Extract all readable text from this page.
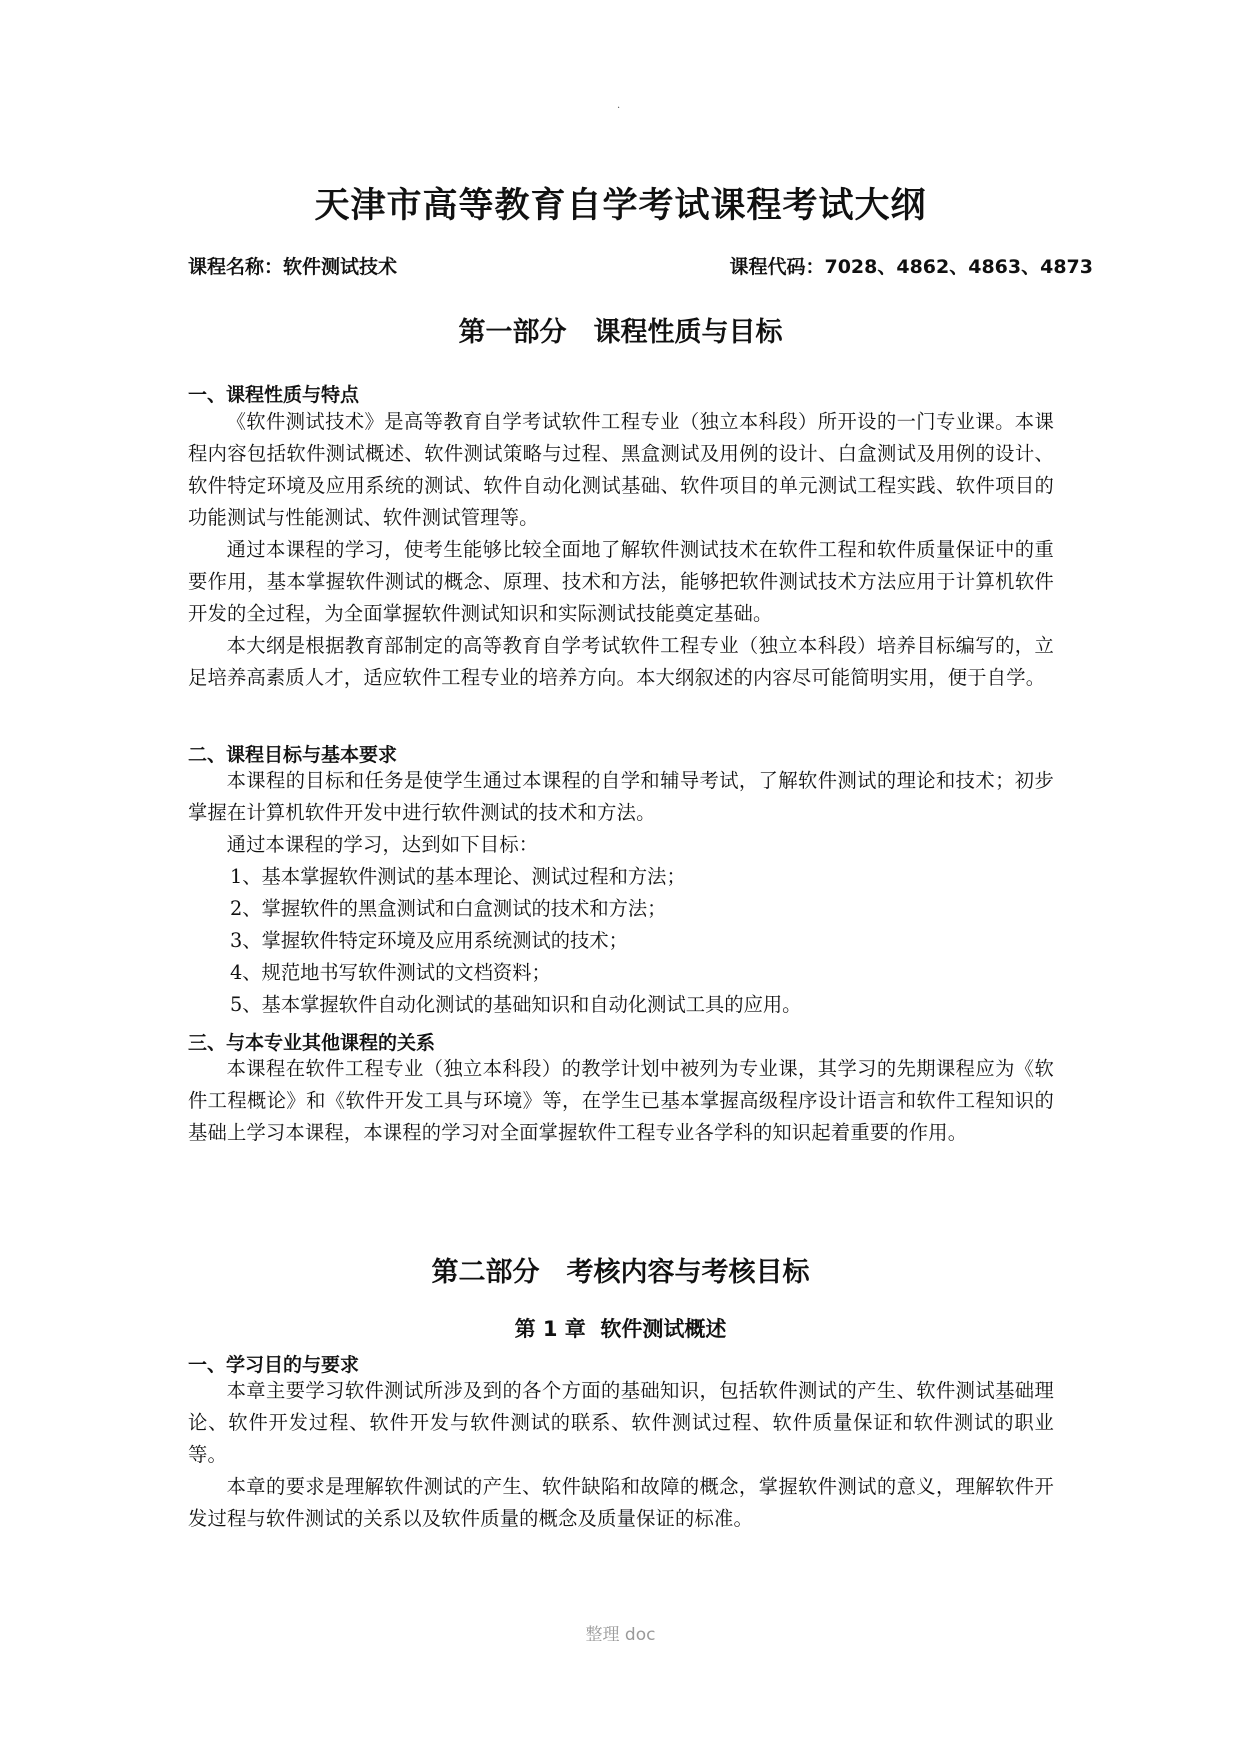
.
天津市高等教育自学考试课程考试大纲
课程名称：软件测试技术	课程代码：7028、4862、4863、4873
第一部分　课程性质与目标
一、课程性质与特点
《软件测试技术》是高等教育自学考试软件工程专业（独立本科段）所开设的一门专业课。本课程内容包括软件测试概述、软件测试策略与过程、黑盒测试及用例的设计、白盒测试及用例的设计、软件特定环境及应用系统的测试、软件自动化测试基础、软件项目的单元测试工程实践、软件项目的功能测试与性能测试、软件测试管理等。
通过本课程的学习，使考生能够比较全面地了解软件测试技术在软件工程和软件质量保证中的重要作用，基本掌握软件测试的概念、原理、技术和方法，能够把软件测试技术方法应用于计算机软件开发的全过程，为全面掌握软件测试知识和实际测试技能奠定基础。
本大纲是根据教育部制定的高等教育自学考试软件工程专业（独立本科段）培养目标编写的，立足培养高素质人才，适应软件工程专业的培养方向。本大纲叙述的内容尽可能简明实用，便于自学。
二、课程目标与基本要求
本课程的目标和任务是使学生通过本课程的自学和辅导考试，了解软件测试的理论和技术；初步掌握在计算机软件开发中进行软件测试的技术和方法。
通过本课程的学习，达到如下目标：
1、基本掌握软件测试的基本理论、测试过程和方法；
2、掌握软件的黑盒测试和白盒测试的技术和方法；
3、掌握软件特定环境及应用系统测试的技术；
4、规范地书写软件测试的文档资料；
5、基本掌握软件自动化测试的基础知识和自动化测试工具的应用。
三、与本专业其他课程的关系
本课程在软件工程专业（独立本科段）的教学计划中被列为专业课，其学习的先期课程应为《软件工程概论》和《软件开发工具与环境》等，在学生已基本掌握高级程序设计语言和软件工程知识的基础上学习本课程，本课程的学习对全面掌握软件工程专业各学科的知识起着重要的作用。
第二部分　考核内容与考核目标
第 1 章  软件测试概述
一、学习目的与要求
本章主要学习软件测试所涉及到的各个方面的基础知识，包括软件测试的产生、软件测试基础理论、软件开发过程、软件开发与软件测试的联系、软件测试过程、软件质量保证和软件测试的职业等。
本章的要求是理解软件测试的产生、软件缺陷和故障的概念，掌握软件测试的意义，理解软件开发过程与软件测试的关系以及软件质量的概念及质量保证的标准。
整理 doc
